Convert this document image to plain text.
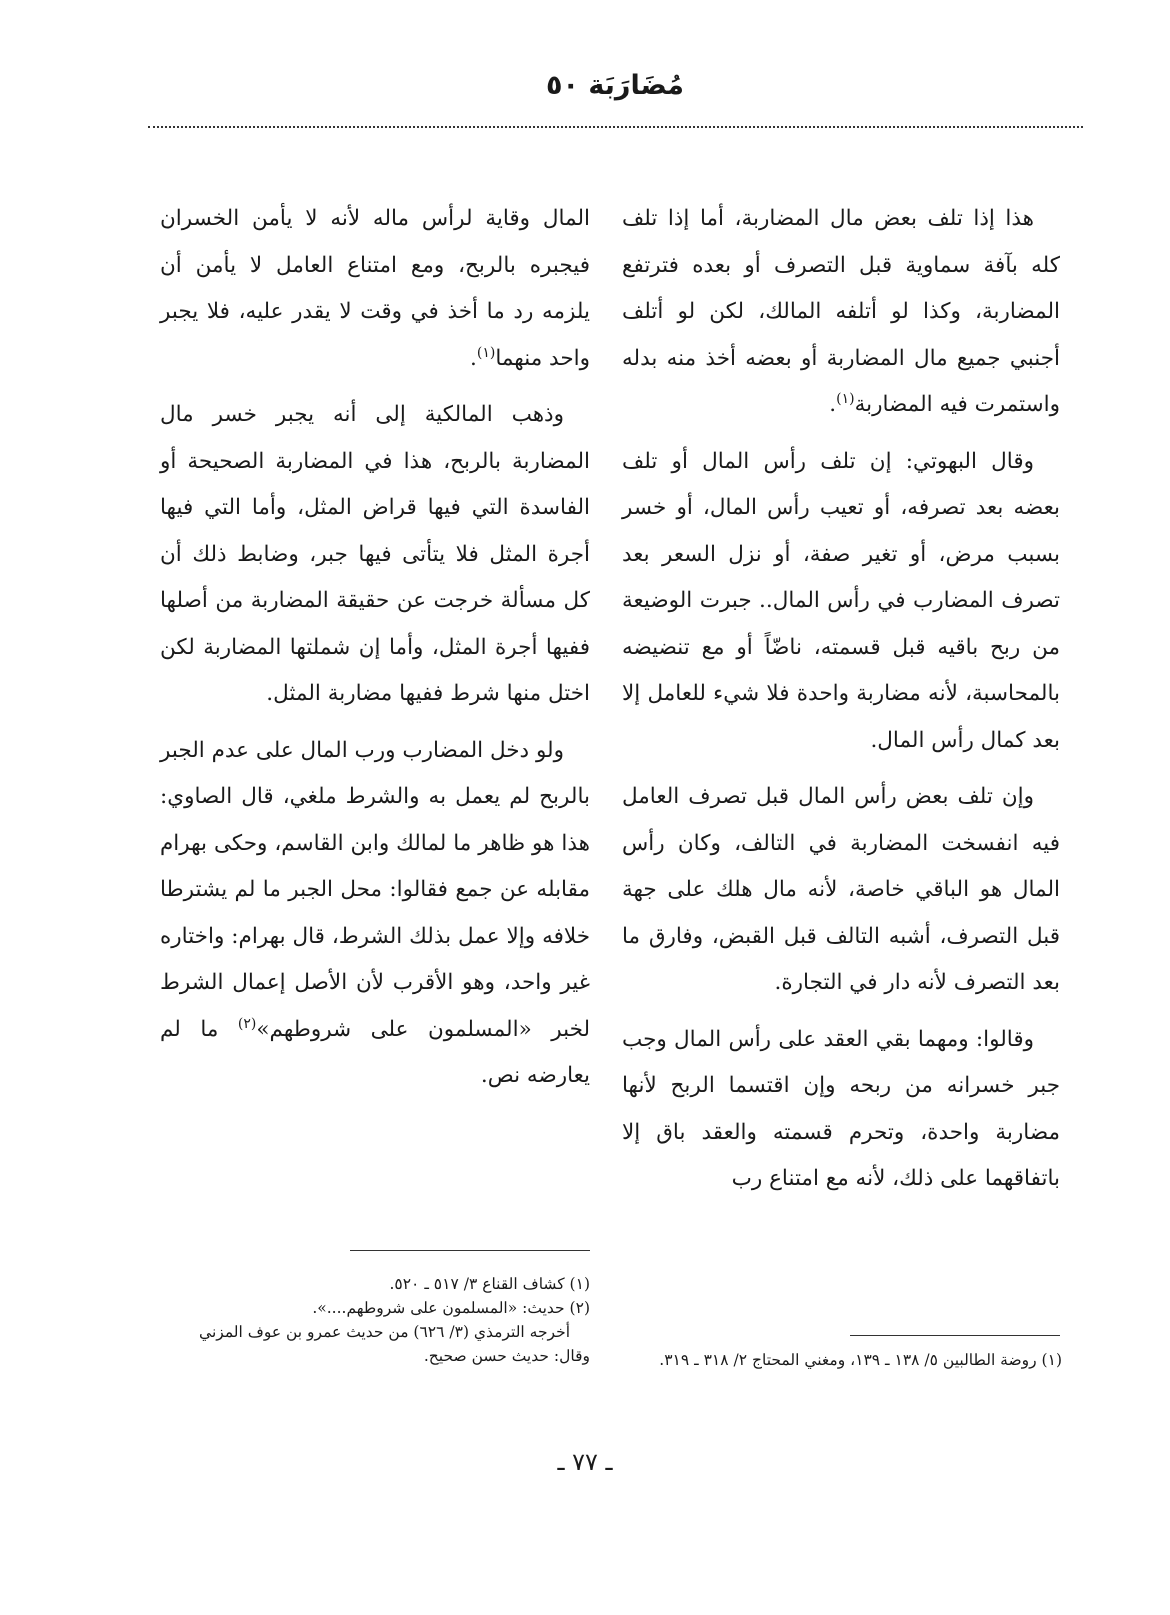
مُضَارَبَة ٥٠

هذا إذا تلف بعض مال المضاربة، أما إذا تلف كله بآفة سماوية قبل التصرف أو بعده فترتفع المضاربة، وكذا لو أتلفه المالك، لكن لو أتلف أجنبي جميع مال المضاربة أو بعضه أخذ منه بدله واستمرت فيه المضاربة$^{(١)}$.

وقال البهوتي: إن تلف رأس المال أو تلف بعضه بعد تصرفه، أو تعيب رأس المال، أو خسر بسبب مرض، أو تغير صفة، أو نزل السعر بعد تصرف المضارب في رأس المال.. جبرت الوضيعة من ربح باقيه قبل قسمته، ناضّاً أو مع تنضيضه بالمحاسبة، لأنه مضاربة واحدة فلا شيء للعامل إلا بعد كمال رأس المال.

وإن تلف بعض رأس المال قبل تصرف العامل فيه انفسخت المضاربة في التالف، وكان رأس المال هو الباقي خاصة، لأنه مال هلك على جهة قبل التصرف، أشبه التالف قبل القبض، وفارق ما بعد التصرف لأنه دار في التجارة.

وقالوا: ومهما بقي العقد على رأس المال وجب جبر خسرانه من ربحه وإن اقتسما الربح لأنها مضاربة واحدة، وتحرم قسمته والعقد باق إلا باتفاقهما على ذلك، لأنه مع امتناع رب

المال وقاية لرأس ماله لأنه لا يأمن الخسران فيجبره بالربح، ومع امتناع العامل لا يأمن أن يلزمه رد ما أخذ في وقت لا يقدر عليه، فلا يجبر واحد منهما$^{(١)}$.

وذهب المالكية إلى أنه يجبر خسر مال المضاربة بالربح، هذا في المضاربة الصحيحة أو الفاسدة التي فيها قراض المثل، وأما التي فيها أجرة المثل فلا يتأتى فيها جبر، وضابط ذلك أن كل مسألة خرجت عن حقيقة المضاربة من أصلها ففيها أجرة المثل، وأما إن شملتها المضاربة لكن اختل منها شرط ففيها مضاربة المثل.

ولو دخل المضارب ورب المال على عدم الجبر بالربح لم يعمل به والشرط ملغي، قال الصاوي: هذا هو ظاهر ما لمالك وابن القاسم، وحكى بهرام مقابله عن جمع فقالوا: محل الجبر ما لم يشترطا خلافه وإلا عمل بذلك الشرط، قال بهرام: واختاره غير واحد، وهو الأقرب لأن الأصل إعمال الشرط لخبر «المسلمون على شروطهم»$^{(٢)}$ ما لم يعارضه نص.

(١) روضة الطالبين ٥/ ١٣٨ ـ ١٣٩، ومغني المحتاج ٢/ ٣١٨ ـ ٣١٩.
(١) كشاف القناع ٣/ ٥١٧ ـ ٥٢٠.
(٢) حديث: «المسلمون على شروطهم....».
أخرجه الترمذي (٣/ ٦٢٦) من حديث عمرو بن عوف المزني وقال: حديث حسن صحيح.
ـ ٧٧ ـ
